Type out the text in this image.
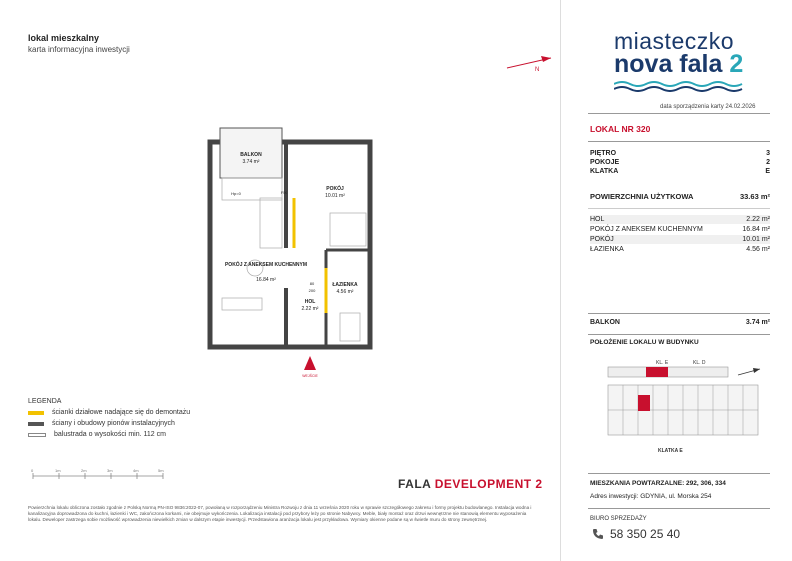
lokal mieszkalny
karta informacyjna inwestycji
N
BALKON
3.74 m²
POKÓJ
10.01 m²
POKÓJ Z ANEKSEM KUCHENNYM
16.84 m²
ŁAZIENKA
4.56 m²
HOL
2.22 m²
FIX
Hp=0
80
200
WEJŚCIE
LEGENDA
ścianki działowe nadające się do demontażu
ściany i obudowy pionów instalacyjnych
balustrada o wysokości min. 112 cm
0	1m	2m	3m	4m	5m
FALA DEVELOPMENT 2
Powierzchnia lokalu obliczona zostało zgodnie z Polską Normą PN-ISO 9836:2022-07, powołaną w rozporządzeniu Ministra Rozwoju z dnia 11 września 2020 roku w sprawie szczegółowego zakresu i formy projektu budowlanego. Instalacja wodna i kanalizacyjna doprowadzona do kuchni, łazienki i WC, zakończona korkami, nie obejmuje wykończenia. Lokalizacja instalacji pod przybory leży po stronie Nabywcy. Meble, biały montaż oraz drzwi wewnętrzne nie stanowią elementu wyposażenia lokalu. Deweloper zastrzega sobie możliwość wprowadzenia niewielkich zmian w dalszym etapie inwestycji. Przedstawiona aranżacja lokalu jest przykładowa. Wymiary okienne podane są w świetle muru do strony zewnętrznej.
miasteczko
nova fala 2
data sporządzenia karty 24.02.2026
LOKAL NR 320
PIĘTRO	3
POKOJE	2
KLATKA	E
POWIERZCHNIA UŻYTKOWA	33.63 m²
HOL	2.22 m²
POKÓJ Z ANEKSEM KUCHENNYM	16.84 m²
POKÓJ	10.01 m²
ŁAZIENKA	4.56 m²
BALKON	3.74 m²
POŁOŻENIE LOKALU W BUDYNKU
KL. E	KL. D
KLATKA E
MIESZKANIA POWTARZALNE: 292, 306, 334
Adres inwestycji: GDYNIA, ul. Morska 254
BIURO SPRZEDAŻY
58 350 25 40
